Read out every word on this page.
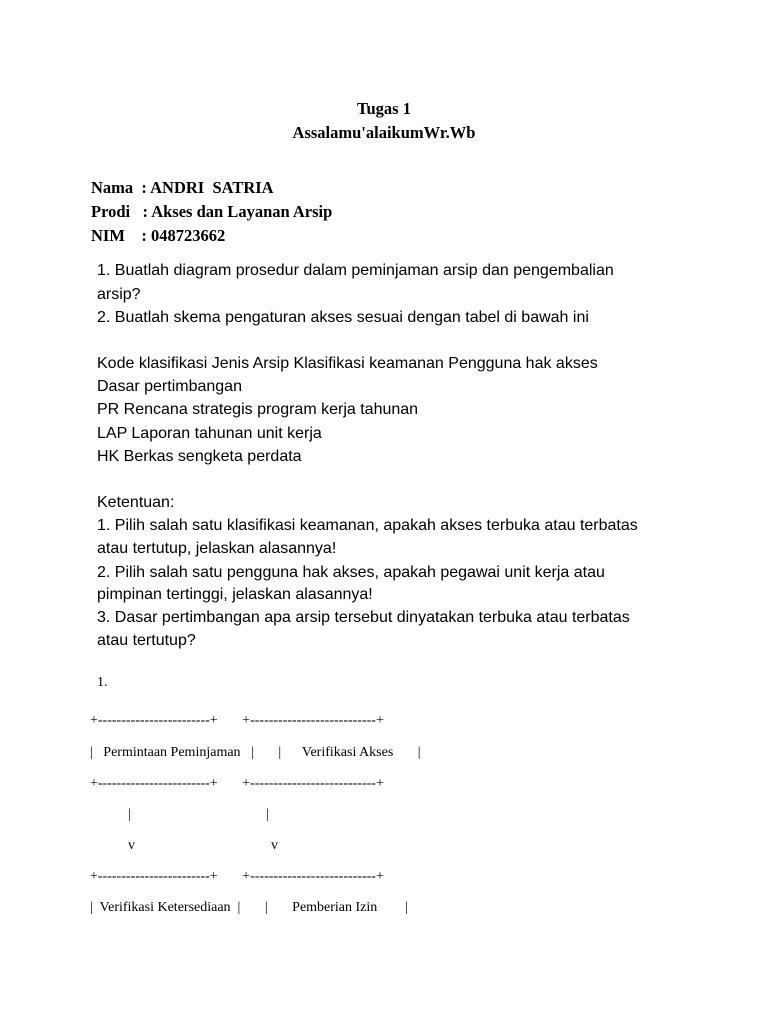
Tugas 1
Assalamu'alaikumWr.Wb
Nama  : ANDRI  SATRIA
Prodi   : Akses dan Layanan Arsip
NIM    : 048723662
1. Buatlah diagram prosedur dalam peminjaman arsip dan pengembalian
arsip?
2. Buatlah skema pengaturan akses sesuai dengan tabel di bawah ini
Kode klasifikasi Jenis Arsip Klasifikasi keamanan Pengguna hak akses
Dasar pertimbangan
PR Rencana strategis program kerja tahunan
LAP Laporan tahunan unit kerja
HK Berkas sengketa perdata
Ketentuan:
1. Pilih salah satu klasifikasi keamanan, apakah akses terbuka atau terbatas
atau tertutup, jelaskan alasannya!
2. Pilih salah satu pengguna hak akses, apakah pegawai unit kerja atau
pimpinan tertinggi, jelaskan alasannya!
3. Dasar pertimbangan apa arsip tersebut dinyatakan terbuka atau terbatas
atau tertutup?
1.
+------------------------+       +---------------------------+
|   Permintaan Peminjaman   |       |      Verifikasi Akses       |
+------------------------+       +---------------------------+
|	|
v	v
+------------------------+       +---------------------------+
|  Verifikasi Ketersediaan  |       |       Pemberian Izin        |
